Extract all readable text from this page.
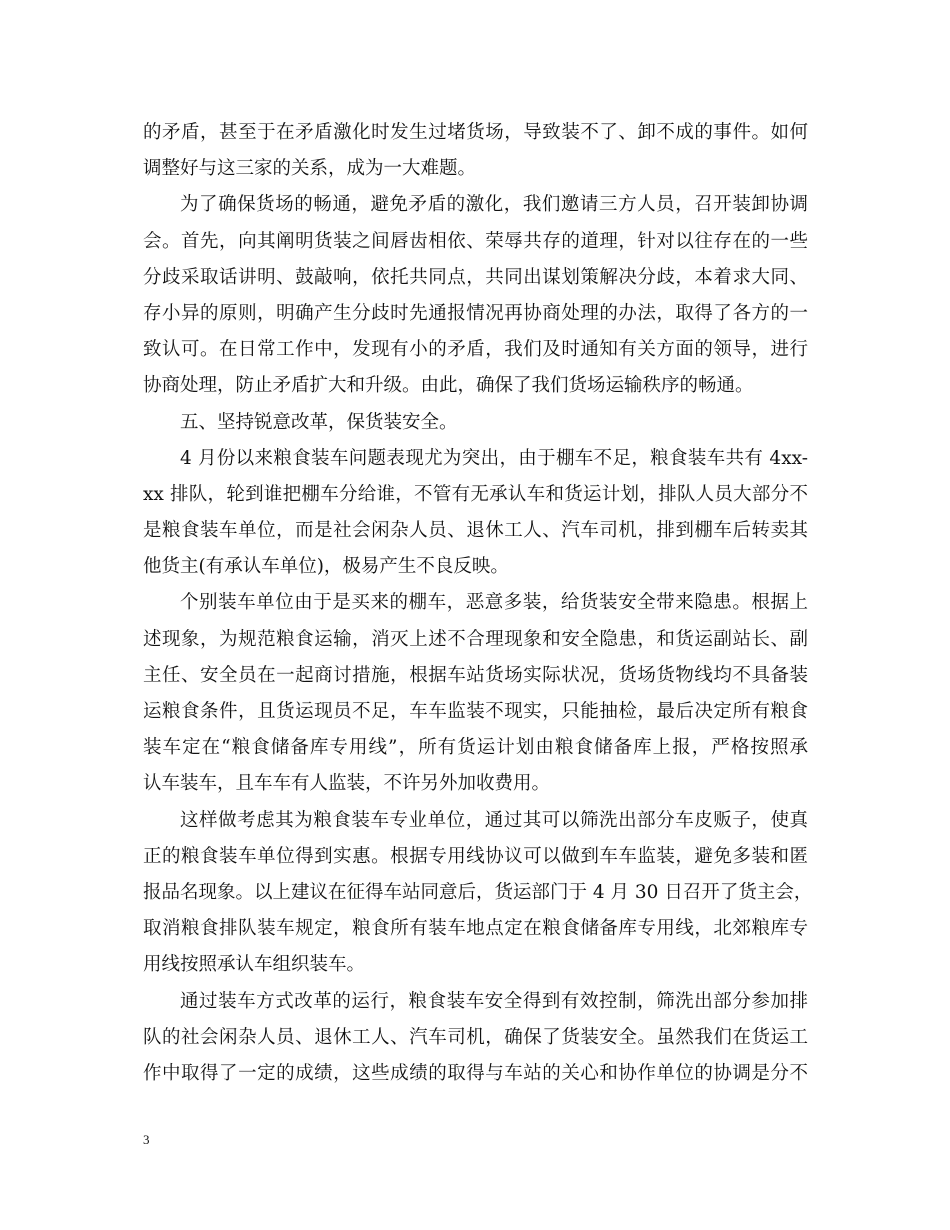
的矛盾，甚至于在矛盾激化时发生过堵货场，导致装不了、卸不成的事件。如何
调整好与这三家的关系，成为一大难题。
为了确保货场的畅通，避免矛盾的激化，我们邀请三方人员，召开装卸协调
会。首先，向其阐明货装之间唇齿相依、荣辱共存的道理，针对以往存在的一些
分歧采取话讲明、鼓敲响，依托共同点，共同出谋划策解决分歧，本着求大同、
存小异的原则，明确产生分歧时先通报情况再协商处理的办法，取得了各方的一
致认可。在日常工作中，发现有小的矛盾，我们及时通知有关方面的领导，进行
协商处理，防止矛盾扩大和升级。由此，确保了我们货场运输秩序的畅通。
五、坚持锐意改革，保货装安全。
4 月份以来粮食装车问题表现尤为突出，由于棚车不足，粮食装车共有 4xx-
xx 排队，轮到谁把棚车分给谁，不管有无承认车和货运计划，排队人员大部分不
是粮食装车单位，而是社会闲杂人员、退休工人、汽车司机，排到棚车后转卖其
他货主(有承认车单位)，极易产生不良反映。
个别装车单位由于是买来的棚车，恶意多装，给货装安全带来隐患。根据上
述现象，为规范粮食运输，消灭上述不合理现象和安全隐患，和货运副站长、副
主任、安全员在一起商讨措施，根据车站货场实际状况，货场货物线均不具备装
运粮食条件，且货运现员不足，车车监装不现实，只能抽检，最后决定所有粮食
装车定在“粮食储备库专用线”，所有货运计划由粮食储备库上报，严格按照承
认车装车，且车车有人监装，不许另外加收费用。
这样做考虑其为粮食装车专业单位，通过其可以筛洗出部分车皮贩子，使真
正的粮食装车单位得到实惠。根据专用线协议可以做到车车监装，避免多装和匿
报品名现象。以上建议在征得车站同意后，货运部门于 4 月 30 日召开了货主会，
取消粮食排队装车规定，粮食所有装车地点定在粮食储备库专用线，北郊粮库专
用线按照承认车组织装车。
通过装车方式改革的运行，粮食装车安全得到有效控制，筛洗出部分参加排
队的社会闲杂人员、退休工人、汽车司机，确保了货装安全。虽然我们在货运工
作中取得了一定的成绩，这些成绩的取得与车站的关心和协作单位的协调是分不
3
